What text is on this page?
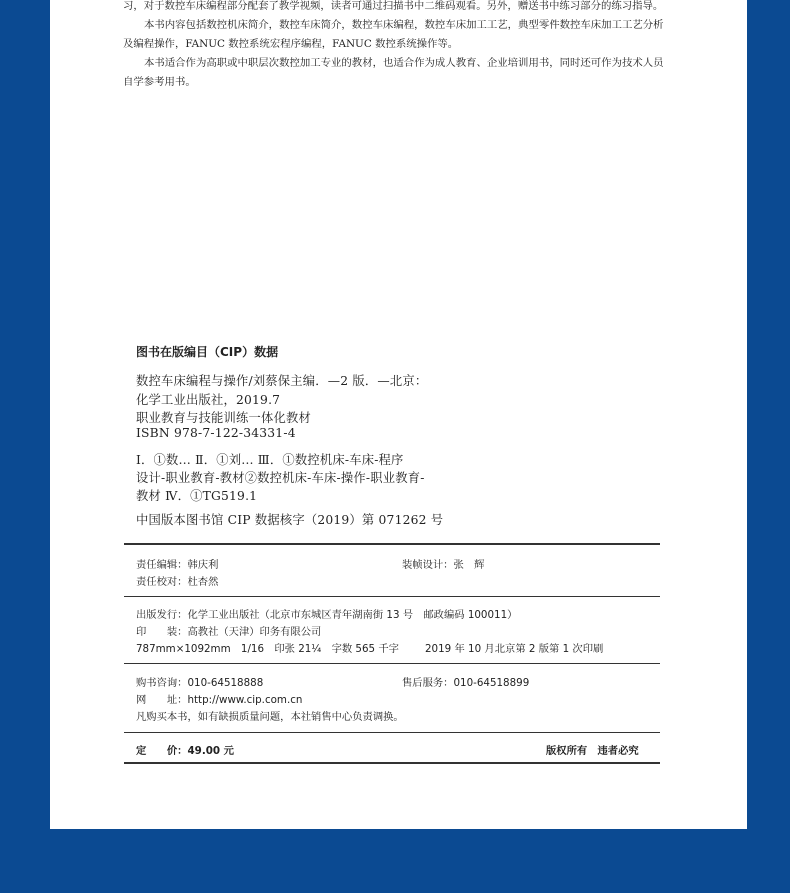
习，对于数控车床编程部分配套了教学视频，读者可通过扫描书中二维码观看。另外，赠送书中练习部分的练习指导。

本书内容包括数控机床简介，数控车床简介，数控车床编程，数控车床加工工艺，典型零件数控车床加工工艺分析及编程操作，FANUC 数控系统宏程序编程，FANUC 数控系统操作等。

本书适合作为高职或中职层次数控加工专业的教材，也适合作为成人教育、企业培训用书，同时还可作为技术人员自学参考用书。

图书在版编目（CIP）数据
数控车床编程与操作/刘蔡保主编．—2 版．—北京：
化学工业出版社，2019.7
职业教育与技能训练一体化教材
ISBN 978-7-122-34331-4
Ⅰ．①数… Ⅱ．①刘… Ⅲ．①数控机床-车床-程序
设计-职业教育-教材②数控机床-车床-操作-职业教育-
教材 Ⅳ．①TG519.1
中国版本图书馆 CIP 数据核字（2019）第 071262 号
责任编辑：韩庆利	装帧设计：张　辉
责任校对：杜杏然
出版发行：化学工业出版社（北京市东城区青年湖南街 13 号　邮政编码 100011）
印　　装：高教社（天津）印务有限公司
787mm×1092mm　1/16　印张 21¼　字数 565 千字	2019 年 10 月北京第 2 版第 1 次印刷
购书咨询：010-64518888	售后服务：010-64518899
网　　址：http://www.cip.com.cn
凡购买本书，如有缺损质量问题，本社销售中心负责调换。
定　　价：49.00 元	版权所有　违者必究
